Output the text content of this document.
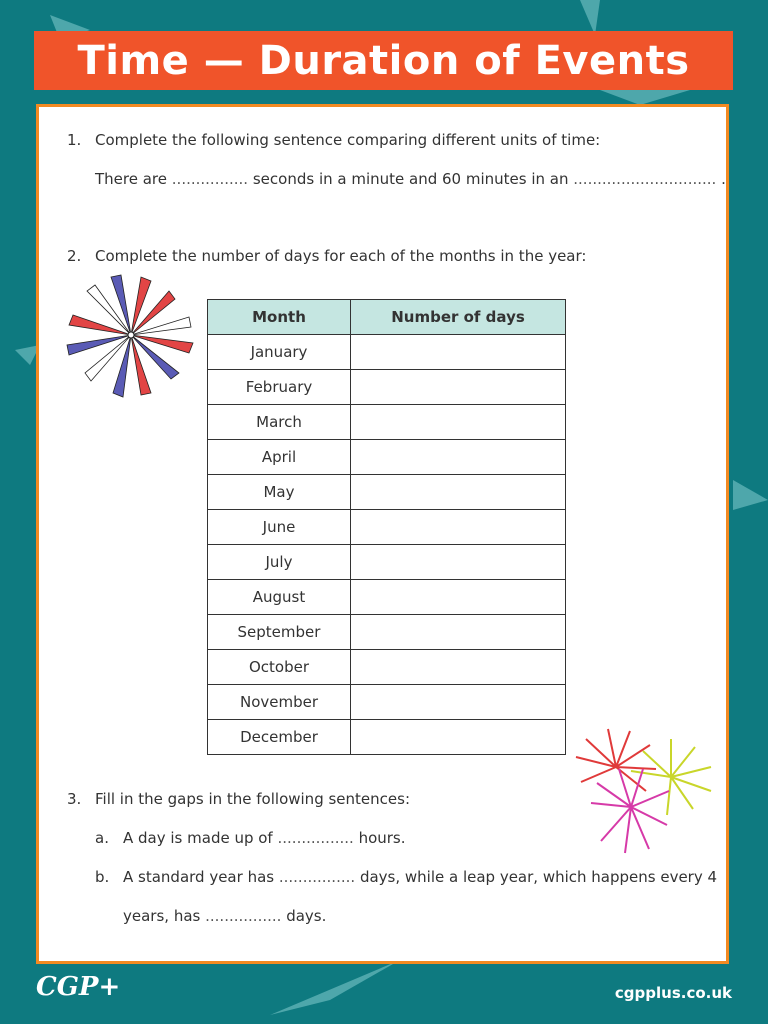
Time — Duration of Events
1. Complete the following sentence comparing different units of time:
There are ................ seconds in a minute and 60 minutes in an .............................. .
2. Complete the number of days for each of the months in the year:
Month	Number of days
January	
February	
March	
April	
May	
June	
July	
August	
September	
October	
November	
December	
3. Fill in the gaps in the following sentences:
a. A day is made up of ................ hours.
b. A standard year has ................ days, while a leap year, which happens every 4
years, has ................ days.
CGP+	cgpplus.co.uk
